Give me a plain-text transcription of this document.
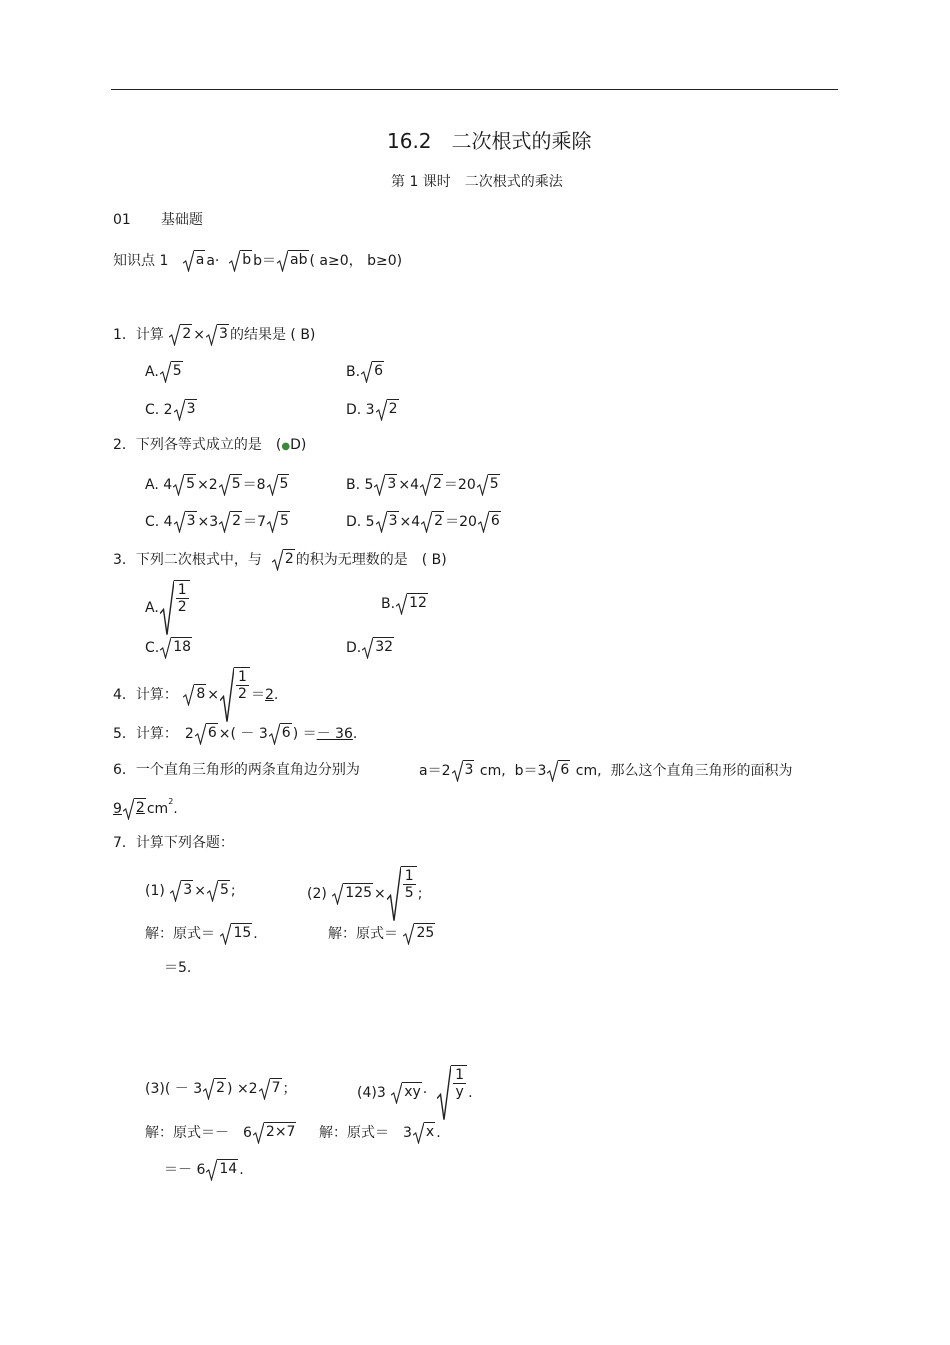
16.2　二次根式的乘除
第 1 课时　二次根式的乘法
01 基础题
知识点 1 a a· b b＝ ab ( a≥0， b≥0)
1．计算 2 × 3 的结果是 ( B)
A. 5	B. 6
C. 2 3	D. 3 2
2．下列各等式成立的是　(●D)
A. 4 5 ×2 5 ＝8 5	B. 5 3 ×4 2 ＝20 5
C. 4 3 ×3 2 ＝7 5	D. 5 3 ×4 2 ＝20 6
3．下列二次根式中，与 2 的积为无理数的是　( B)
A. $\frac{1}{2}$	B. 12
C. 18	D. 32
4．计算： $8 \times \frac{1}{2} =2$.
5．计算：　2 6 ×( － 3 6 ) ＝－ 36.
6．一个直角三角形的两条直角边分别为	a＝2 3 cm, b＝3 6 cm, 那么这个直角三角形的面积为
9 2 $cm^2$.
7．计算下列各题：
(1) 3 × 5 ;	(2) $125 \times \frac{1}{5}$ ;
解：原式＝ 15 .	解：原式＝ 25
＝5.
(3)( － 3 2 ) ×2 7 ；	(4)3 xy · $\frac{1}{y}$ .
解：原式＝－　6 2×7 解：原式＝　3 x .
＝－ 6 14 .
